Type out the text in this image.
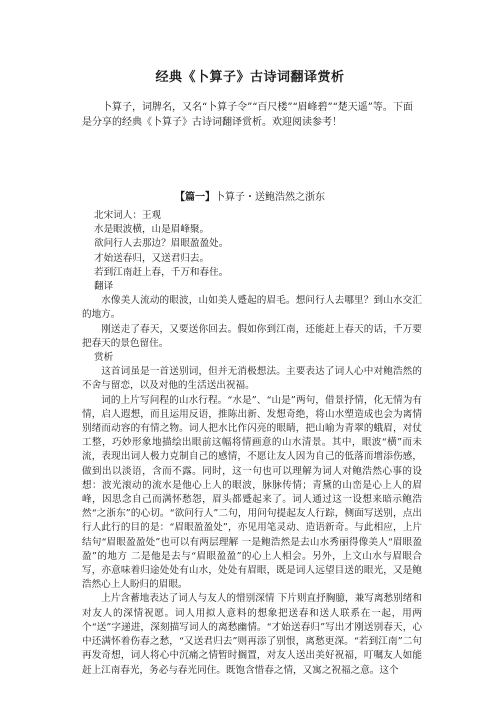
经典《卜算子》古诗词翻译赏析

卜算子，词牌名，又名“卜算子令”“百尺楼”“眉峰碧”“楚天遥”等。下面是分享的经典《卜算子》古诗词翻译赏析。欢迎阅读参考！

【篇一】卜算子・送鲍浩然之浙东

北宋词人：王观

水是眼波横，山是眉峰聚。

欲问行人去那边？眉眼盈盈处。

才始送春归，又送君归去。

若到江南赶上春，千万和春住。

翻译

水像美人流动的眼波，山如美人蹙起的眉毛。想问行人去哪里？到山水交汇的地方。

刚送走了春天，又要送你回去。假如你到江南，还能赶上春天的话，千万要把春天的景色留住。

赏析

这首词虽是一首送别词，但并无消极想法。主要表达了词人心中对鲍浩然的不舍与留恋，以及对他的生活送出祝福。

词的上片写问程的山水行程。“水是”、“山是”两句，借景抒情，化无情为有情，启人遐想，而且运用反语，推陈出新、发想奇绝，将山水塑造成也会为离情别绪而动容的有情之物。词人把水比作闪亮的眼睛，把山喻为青翠的蛾眉，对仗工整，巧妙形象地描绘出眼前这幅将情画意的山水清景。其中，眼波“横”而未流，表现出词人极力克制自己的感情，不愿让友人因为自己的低落而增添伤感，做到出以淡语，含而不露。同时，这一句也可以理解为词人对鲍浩然心事的设想：波光滚动的流水是他心上人的眼波，脉脉传情；青黛的山峦是心上人的眉峰，因思念自己而满怀愁怨，眉头都蹙起来了。词人通过这一设想来暗示鲍浩然“之浙东”的心切。“欲问行人”二句，用问句提起友人行踪，侧面写送别，点出行人此行的目的是：“眉眼盈盈处”，亦见用笔灵动、造语新奇。与此相应，上片结句“眉眼盈盈处”也可以有两层理解 一是鲍浩然是去山水秀丽得像美人“眉眼盈盈”的地方 二是他是去与“眉眼盈盈”的心上人相会。另外，上文山水与眉眼合写，亦意味着归途处处有山水，处处有眉眼，既是词人远望目送的眼光，又是鲍浩然心上人盼归的眉眼。

上片含蓄地表达了词人与友人的惜别深情 下片则直抒胸臆，兼写离愁别绪和对友人的深情祝愿。词人用拟人意料的想象把送春和送人联系在一起，用两个“送”字递进，深刻描写词人的离愁幽情。“才始送春归”写出才刚送别春天，心中还满怀着伤春之愁，“又送君归去”则再添了别恨，离愁更深。“若到江南”二句再发奇想，词人将心中沉痛之情暂时搁置，对友人送出美好祝福，叮嘱友人如能赶上江南春光，务必与春光同住。既饱含惜春之情，又寓之祝福之意。这个
